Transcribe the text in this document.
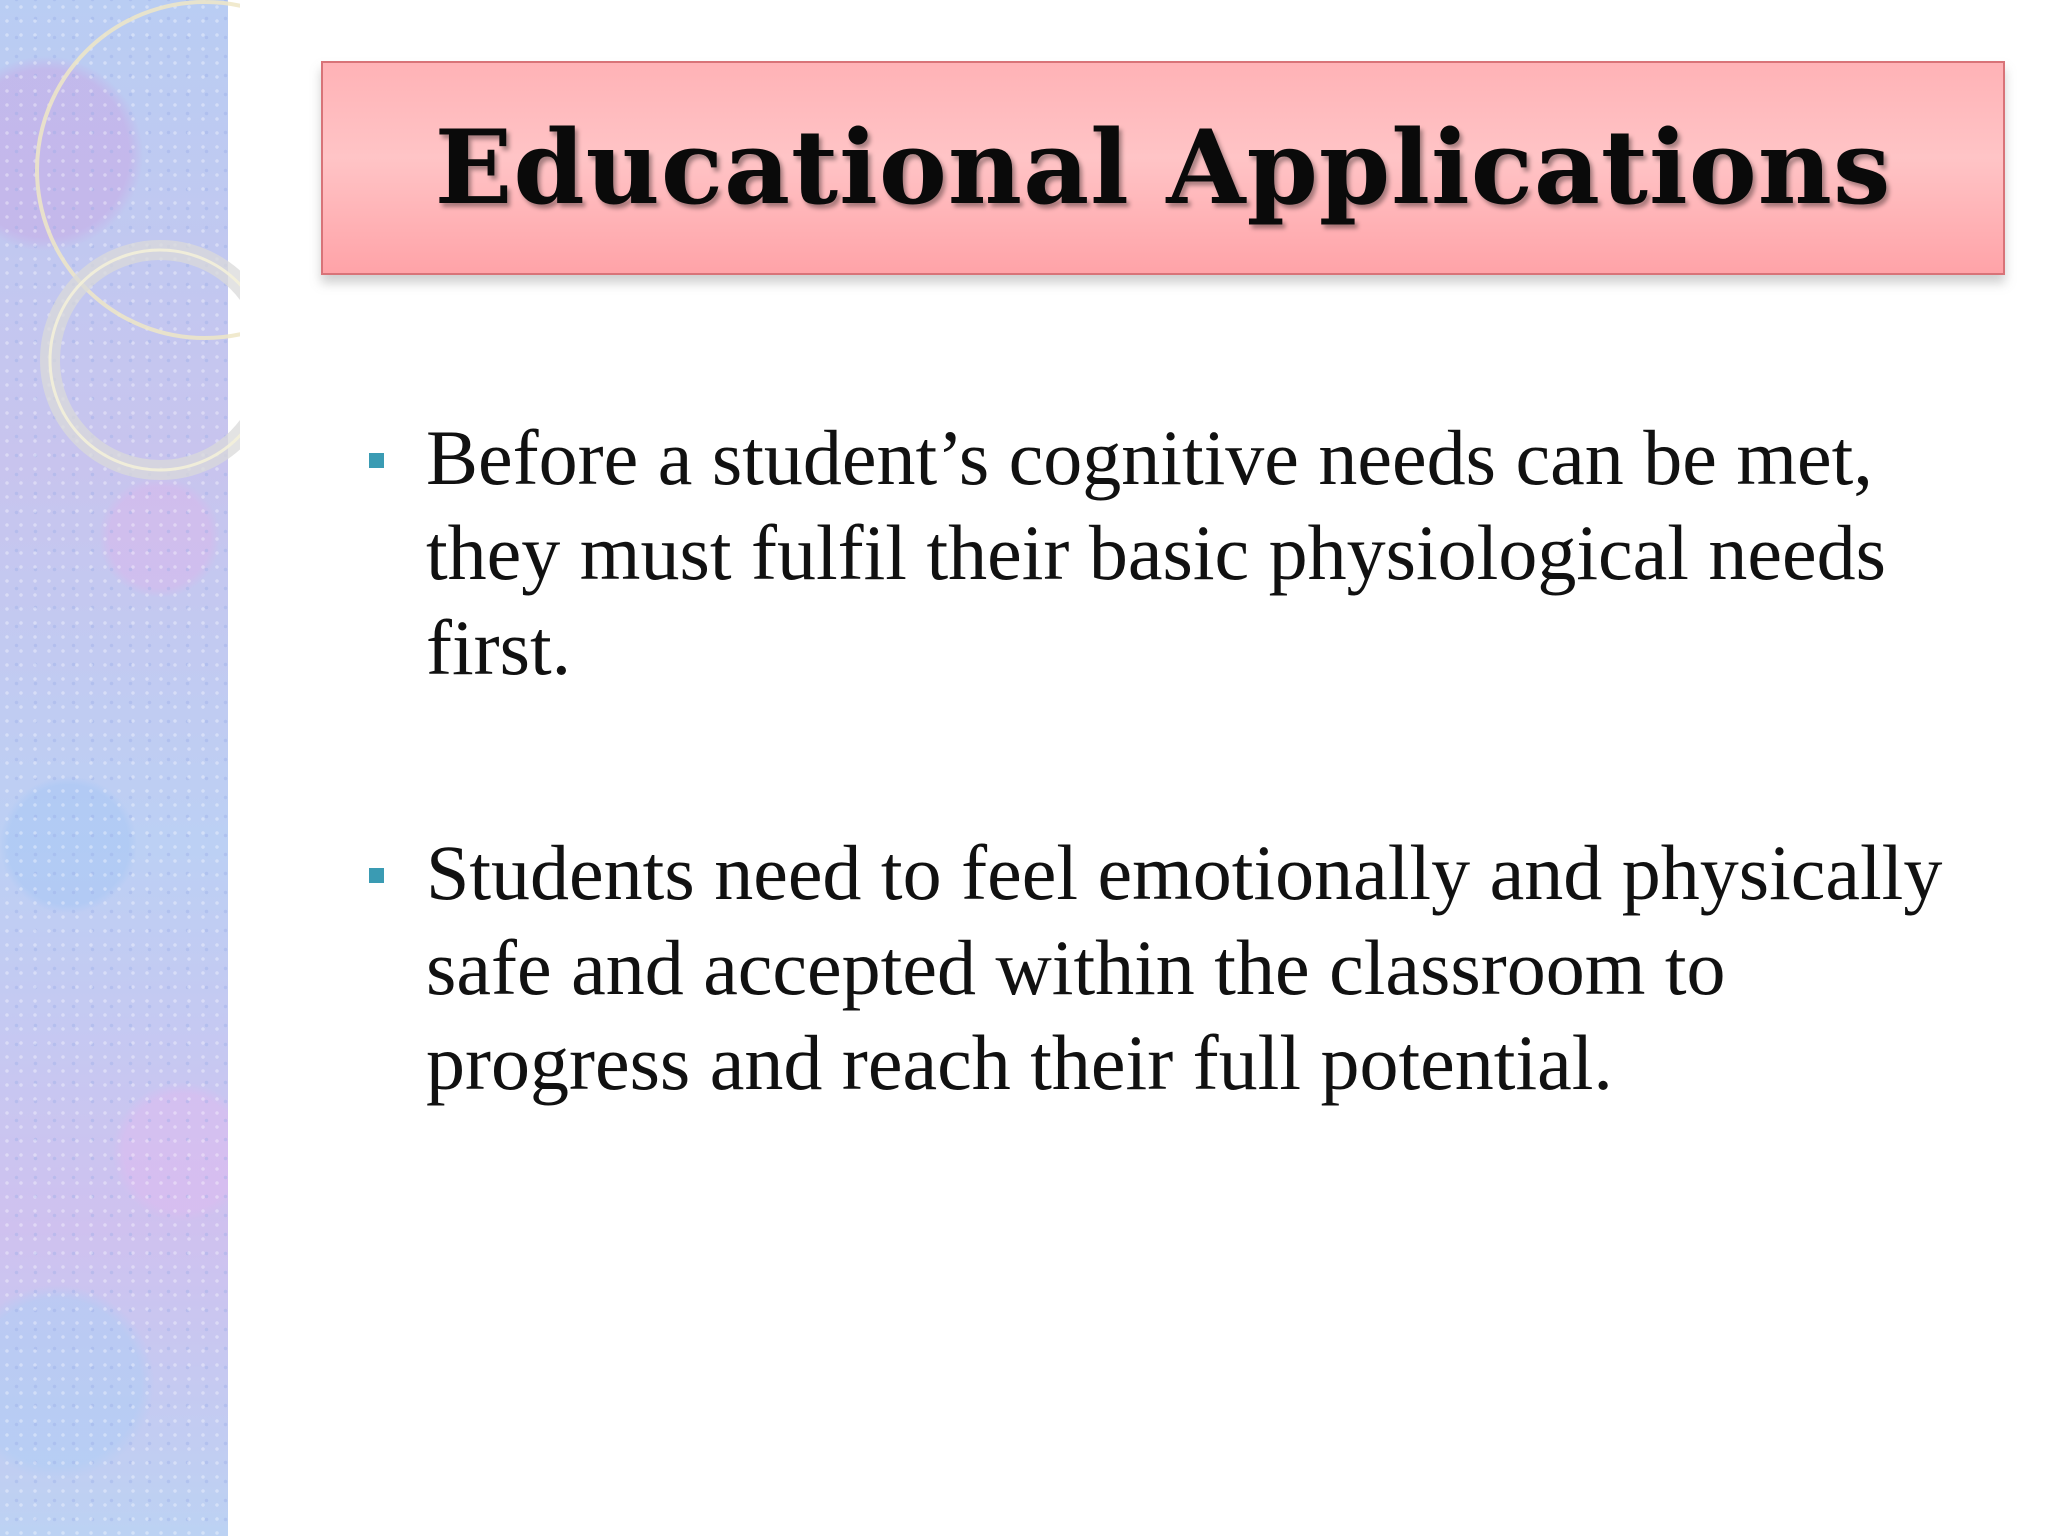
Educational Applications
Before a student’s cognitive needs can be met, they must fulfil their basic physiological needs first.
Students need to feel emotionally and physically safe and accepted within the classroom to progress and reach their full potential.
